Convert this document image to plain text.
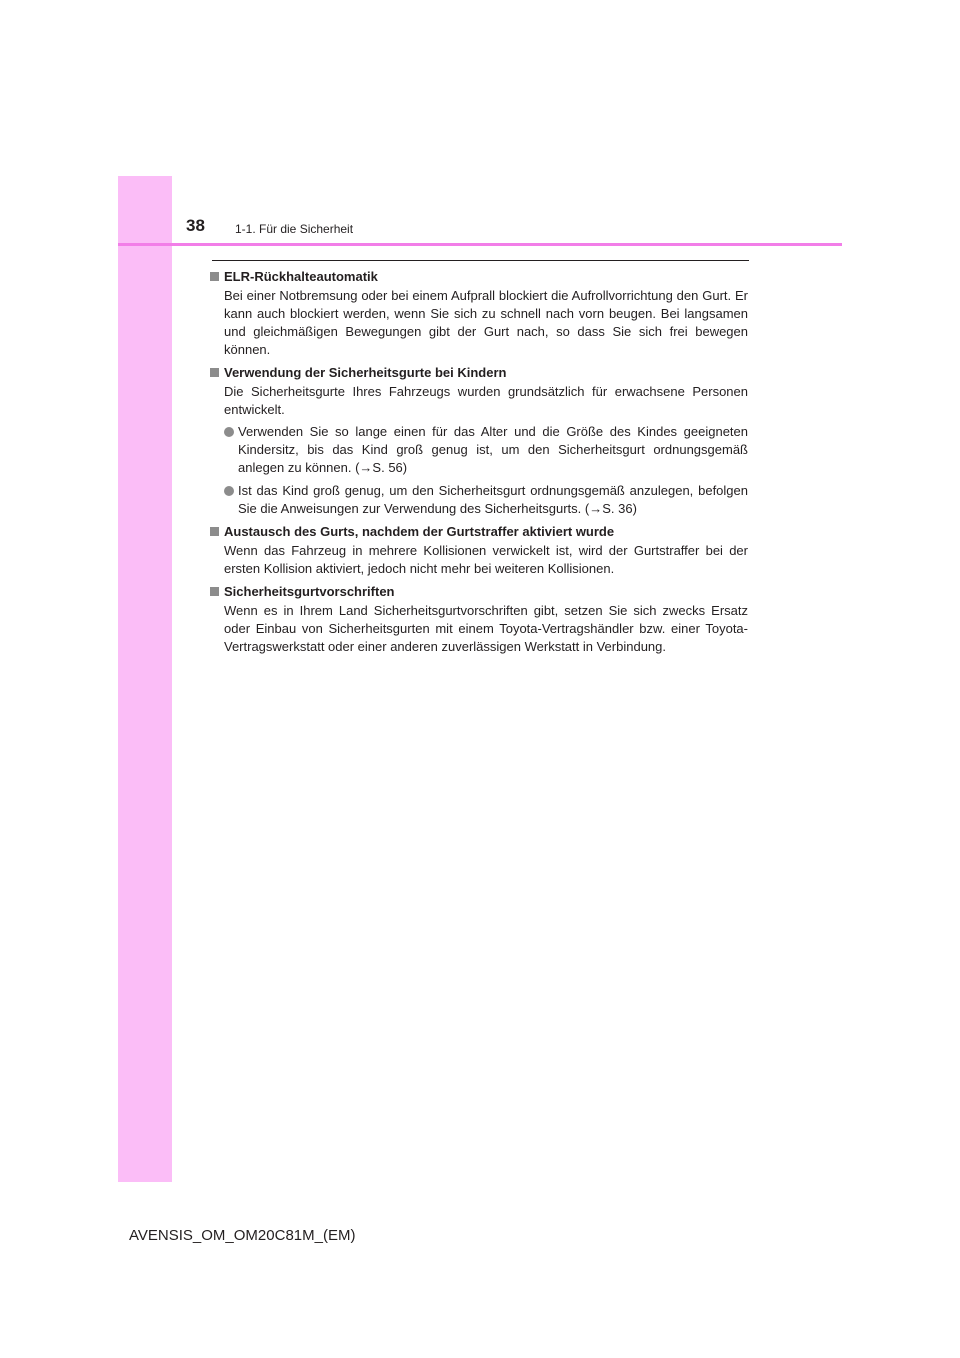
38	1-1. Für die Sicherheit
ELR-Rückhalteautomatik

Bei einer Notbremsung oder bei einem Aufprall blockiert die Aufrollvorrichtung den Gurt. Er kann auch blockiert werden, wenn Sie sich zu schnell nach vorn beugen. Bei langsamen und gleichmäßigen Bewegungen gibt der Gurt nach, so dass Sie sich frei bewegen können.

Verwendung der Sicherheitsgurte bei Kindern

Die Sicherheitsgurte Ihres Fahrzeugs wurden grundsätzlich für erwachsene Personen entwickelt.

Verwenden Sie so lange einen für das Alter und die Größe des Kindes geeigneten Kindersitz, bis das Kind groß genug ist, um den Sicherheitsgurt ordnungsgemäß anlegen zu können. (→S. 56)
Ist das Kind groß genug, um den Sicherheitsgurt ordnungsgemäß anzulegen, befolgen Sie die Anweisungen zur Verwendung des Sicherheitsgurts. (→S. 36)
Austausch des Gurts, nachdem der Gurtstraffer aktiviert wurde

Wenn das Fahrzeug in mehrere Kollisionen verwickelt ist, wird der Gurtstraffer bei der ersten Kollision aktiviert, jedoch nicht mehr bei weiteren Kollisionen.

Sicherheitsgurtvorschriften

Wenn es in Ihrem Land Sicherheitsgurtvorschriften gibt, setzen Sie sich zwecks Ersatz oder Einbau von Sicherheitsgurten mit einem Toyota-Vertragshändler bzw. einer Toyota-Vertragswerkstatt oder einer anderen zuverlässigen Werkstatt in Verbindung.

AVENSIS_OM_OM20C81M_(EM)
